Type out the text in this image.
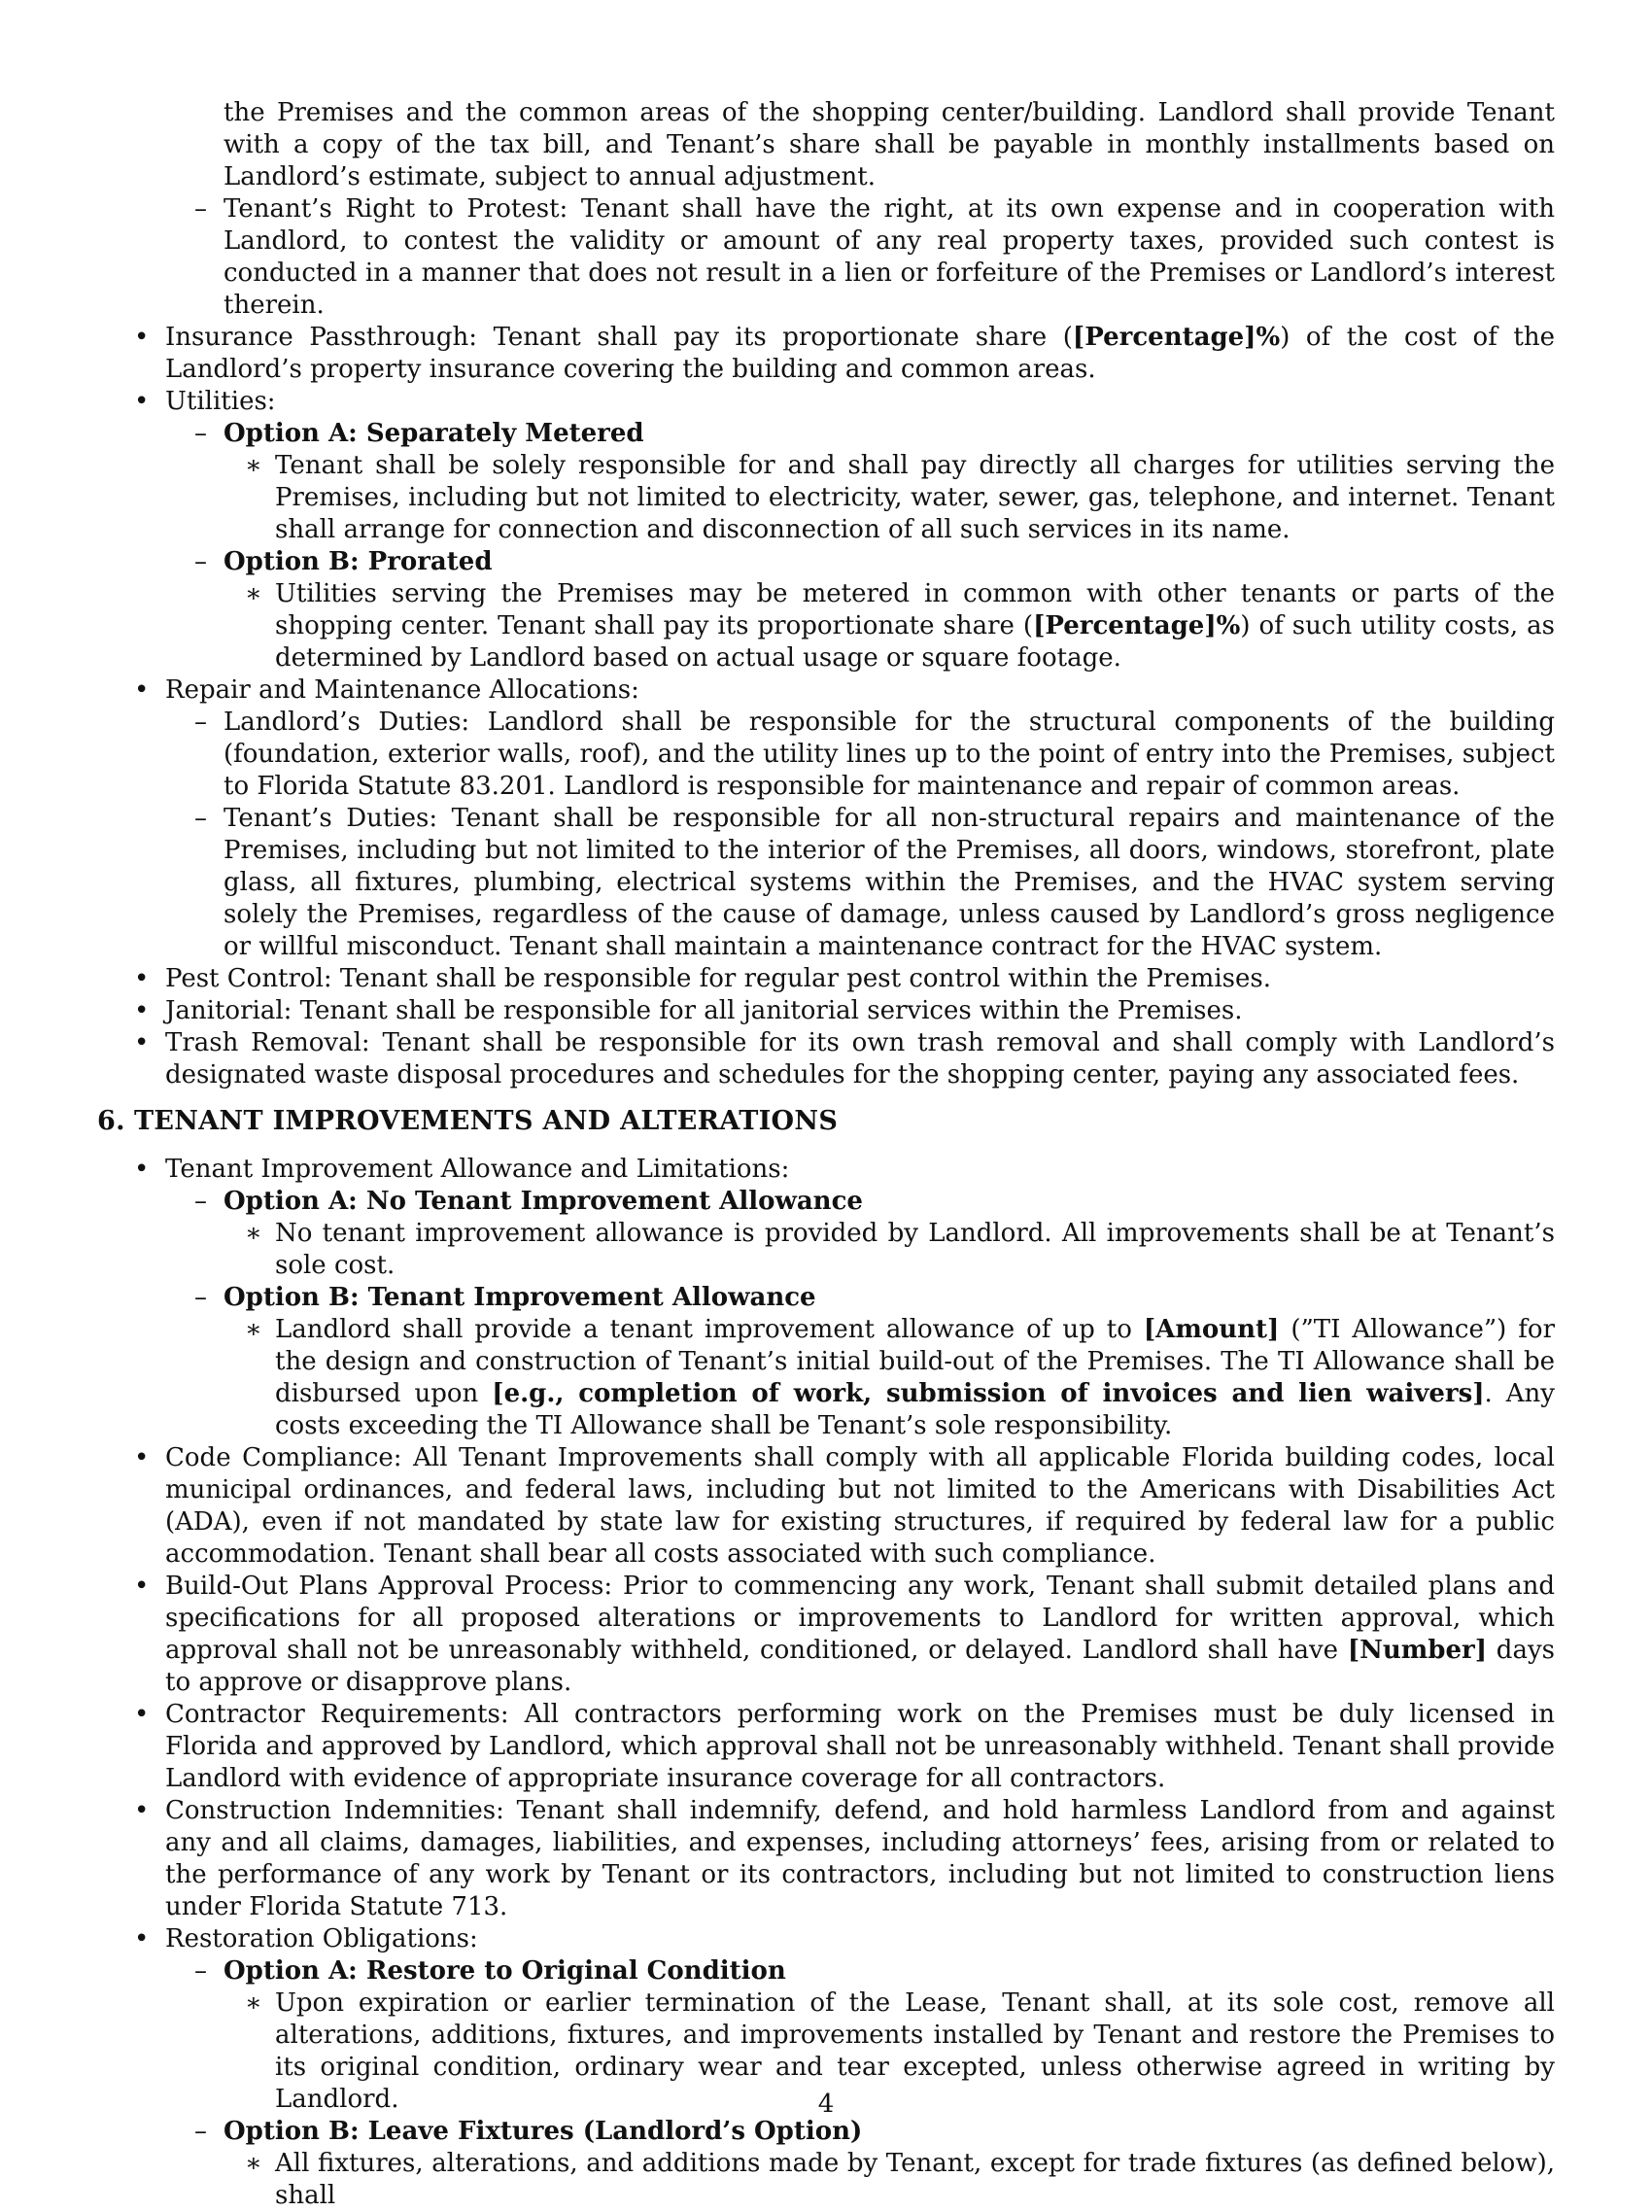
the Premises and the common areas of the shopping center/building. Landlord shall provide Tenant with a copy of the tax bill, and Tenant’s share shall be payable in monthly installments based on Landlord’s estimate, subject to annual adjustment.

– Tenant’s Right to Protest: Tenant shall have the right, at its own expense and in cooperation with Landlord, to contest the validity or amount of any real property taxes, provided such contest is conducted in a manner that does not result in a lien or forfeiture of the Premises or Landlord’s interest therein.

• Insurance Passthrough: Tenant shall pay its proportionate share ([Percentage]%) of the cost of the Landlord’s property insurance covering the building and common areas.

• Utilities:

– Option A: Separately Metered

∗ Tenant shall be solely responsible for and shall pay directly all charges for utilities serving the Premises, including but not limited to electricity, water, sewer, gas, telephone, and internet. Tenant shall arrange for connection and disconnection of all such services in its name.

– Option B: Prorated

∗ Utilities serving the Premises may be metered in common with other tenants or parts of the shopping center. Tenant shall pay its proportionate share ([Percentage]%) of such utility costs, as determined by Landlord based on actual usage or square footage.

• Repair and Maintenance Allocations:

– Landlord’s Duties: Landlord shall be responsible for the structural components of the building (foundation, exterior walls, roof), and the utility lines up to the point of entry into the Premises, subject to Florida Statute 83.201. Landlord is responsible for maintenance and repair of common areas.

– Tenant’s Duties: Tenant shall be responsible for all non-structural repairs and maintenance of the Premises, including but not limited to the interior of the Premises, all doors, windows, storefront, plate glass, all fixtures, plumbing, electrical systems within the Premises, and the HVAC system serving solely the Premises, regardless of the cause of damage, unless caused by Landlord’s gross negligence or willful misconduct. Tenant shall maintain a maintenance contract for the HVAC system.

• Pest Control: Tenant shall be responsible for regular pest control within the Premises.

• Janitorial: Tenant shall be responsible for all janitorial services within the Premises.

• Trash Removal: Tenant shall be responsible for its own trash removal and shall comply with Landlord’s designated waste disposal procedures and schedules for the shopping center, paying any associated fees.

6. TENANT IMPROVEMENTS AND ALTERATIONS

• Tenant Improvement Allowance and Limitations:

– Option A: No Tenant Improvement Allowance

∗ No tenant improvement allowance is provided by Landlord. All improvements shall be at Tenant’s sole cost.

– Option B: Tenant Improvement Allowance

∗ Landlord shall provide a tenant improvement allowance of up to [Amount] (”TI Allowance”) for the design and construction of Tenant’s initial build-out of the Premises. The TI Allowance shall be disbursed upon [e.g., completion of work, submission of invoices and lien waivers]. Any costs exceeding the TI Allowance shall be Tenant’s sole responsibility.

• Code Compliance: All Tenant Improvements shall comply with all applicable Florida building codes, local municipal ordinances, and federal laws, including but not limited to the Americans with Disabilities Act (ADA), even if not mandated by state law for existing structures, if required by federal law for a public accommodation. Tenant shall bear all costs associated with such compliance.

• Build-Out Plans Approval Process: Prior to commencing any work, Tenant shall submit detailed plans and specifications for all proposed alterations or improvements to Landlord for written approval, which approval shall not be unreasonably withheld, conditioned, or delayed. Landlord shall have [Number] days to approve or disapprove plans.

• Contractor Requirements: All contractors performing work on the Premises must be duly licensed in Florida and approved by Landlord, which approval shall not be unreasonably withheld. Tenant shall provide Landlord with evidence of appropriate insurance coverage for all contractors.

• Construction Indemnities: Tenant shall indemnify, defend, and hold harmless Landlord from and against any and all claims, damages, liabilities, and expenses, including attorneys’ fees, arising from or related to the performance of any work by Tenant or its contractors, including but not limited to construction liens under Florida Statute 713.

• Restoration Obligations:

– Option A: Restore to Original Condition

∗ Upon expiration or earlier termination of the Lease, Tenant shall, at its sole cost, remove all alterations, additions, fixtures, and improvements installed by Tenant and restore the Premises to its original condition, ordinary wear and tear excepted, unless otherwise agreed in writing by Landlord.

– Option B: Leave Fixtures (Landlord’s Option)

∗ All fixtures, alterations, and additions made by Tenant, except for trade fixtures (as defined below), shall

4
